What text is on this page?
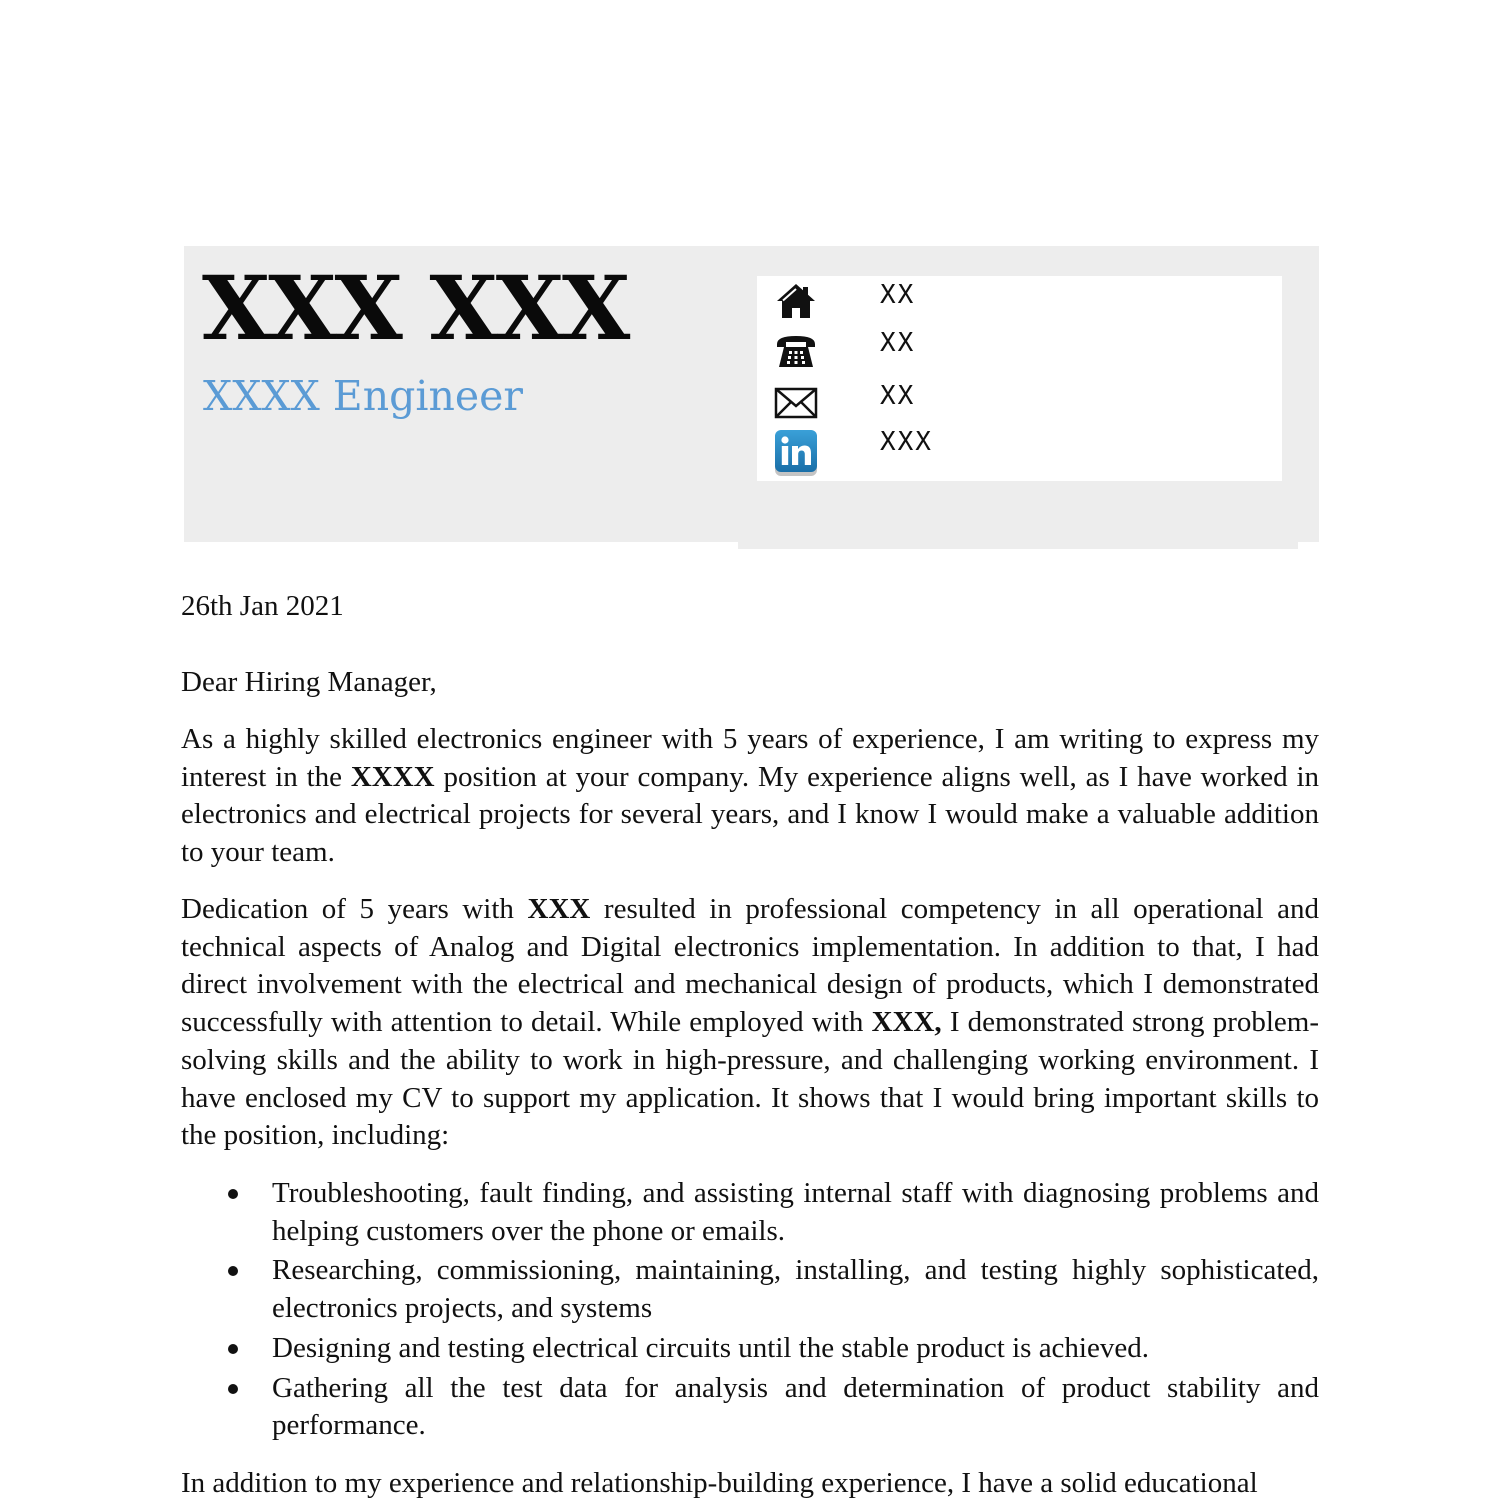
XXX XXX
XXXX Engineer
XX
XX
XX
XXX
26th Jan 2021
Dear Hiring Manager,
As a highly skilled electronics engineer with 5 years of experience, I am writing to express my interest in the XXXX position at your company. My experience aligns well, as I have worked in electronics and electrical projects for several years, and I know I would make a valuable addition to your team.
Dedication of 5 years with XXX resulted in professional competency in all operational and technical aspects of Analog and Digital electronics implementation. In addition to that, I had direct involvement with the electrical and mechanical design of products, which I demonstrated successfully with attention to detail. While employed with XXX, I demonstrated strong problem-solving skills and the ability to work in high-pressure, and challenging working environment. I have enclosed my CV to support my application. It shows that I would bring important skills to the position, including:
Troubleshooting, fault finding, and assisting internal staff with diagnosing problems and helping customers over the phone or emails.
Researching, commissioning, maintaining, installing, and testing highly sophisticated, electronics projects, and systems
Designing and testing electrical circuits until the stable product is achieved.
Gathering all the test data for analysis and determination of product stability and performance.
In addition to my experience and relationship-building experience, I have a solid educational
